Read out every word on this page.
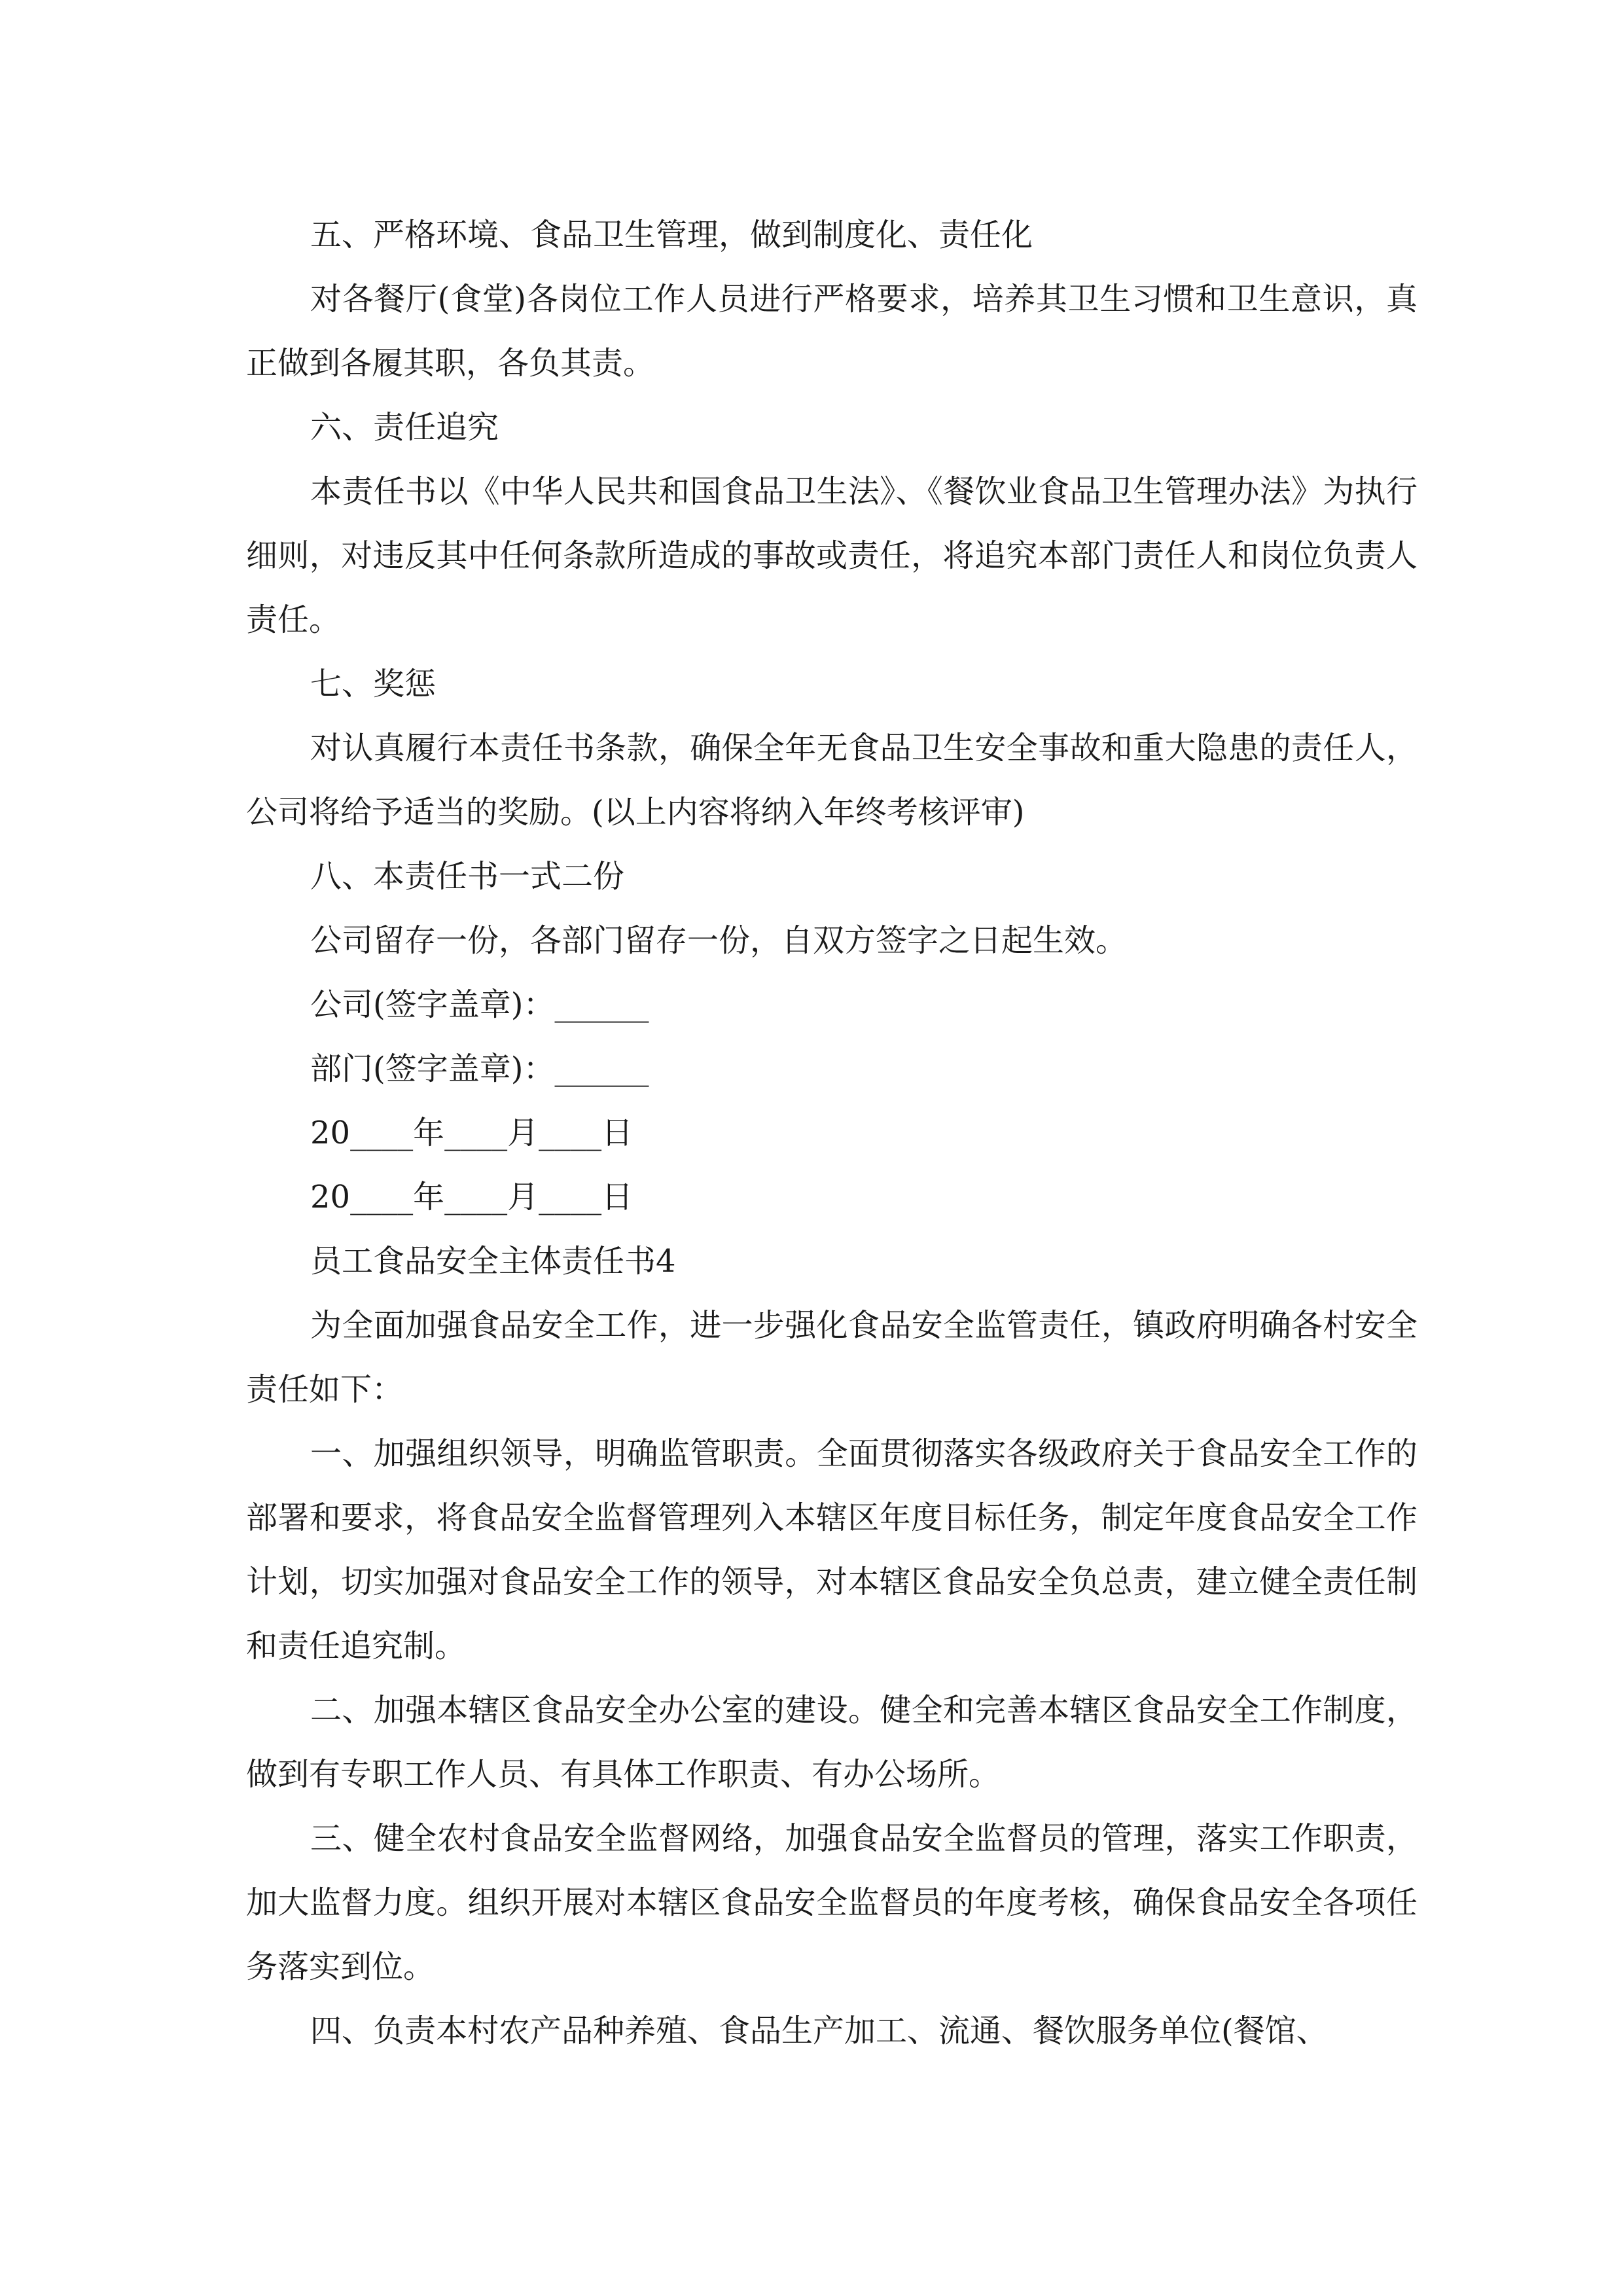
五、严格环境、食品卫生管理，做到制度化、责任化

对各餐厅(食堂)各岗位工作人员进行严格要求，培养其卫生习惯和卫生意识，真正做到各履其职，各负其责。

六、责任追究

本责任书以《中华人民共和国食品卫生法》、《餐饮业食品卫生管理办法》为执行细则，对违反其中任何条款所造成的事故或责任，将追究本部门责任人和岗位负责人责任。

七、奖惩

对认真履行本责任书条款，确保全年无食品卫生安全事故和重大隐患的责任人，公司将给予适当的奖励。(以上内容将纳入年终考核评审)

八、本责任书一式二份

公司留存一份，各部门留存一份，自双方签字之日起生效。

公司(签字盖章)：______

部门(签字盖章)：______

20____年____月____日

20____年____月____日

员工食品安全主体责任书4

为全面加强食品安全工作，进一步强化食品安全监管责任，镇政府明确各村安全责任如下：

一、加强组织领导，明确监管职责。全面贯彻落实各级政府关于食品安全工作的部署和要求，将食品安全监督管理列入本辖区年度目标任务，制定年度食品安全工作计划，切实加强对食品安全工作的领导，对本辖区食品安全负总责，建立健全责任制和责任追究制。

二、加强本辖区食品安全办公室的建设。健全和完善本辖区食品安全工作制度，做到有专职工作人员、有具体工作职责、有办公场所。

三、健全农村食品安全监督网络，加强食品安全监督员的管理，落实工作职责，加大监督力度。组织开展对本辖区食品安全监督员的年度考核，确保食品安全各项任务落实到位。

四、负责本村农产品种养殖、食品生产加工、流通、餐饮服务单位(餐馆、
